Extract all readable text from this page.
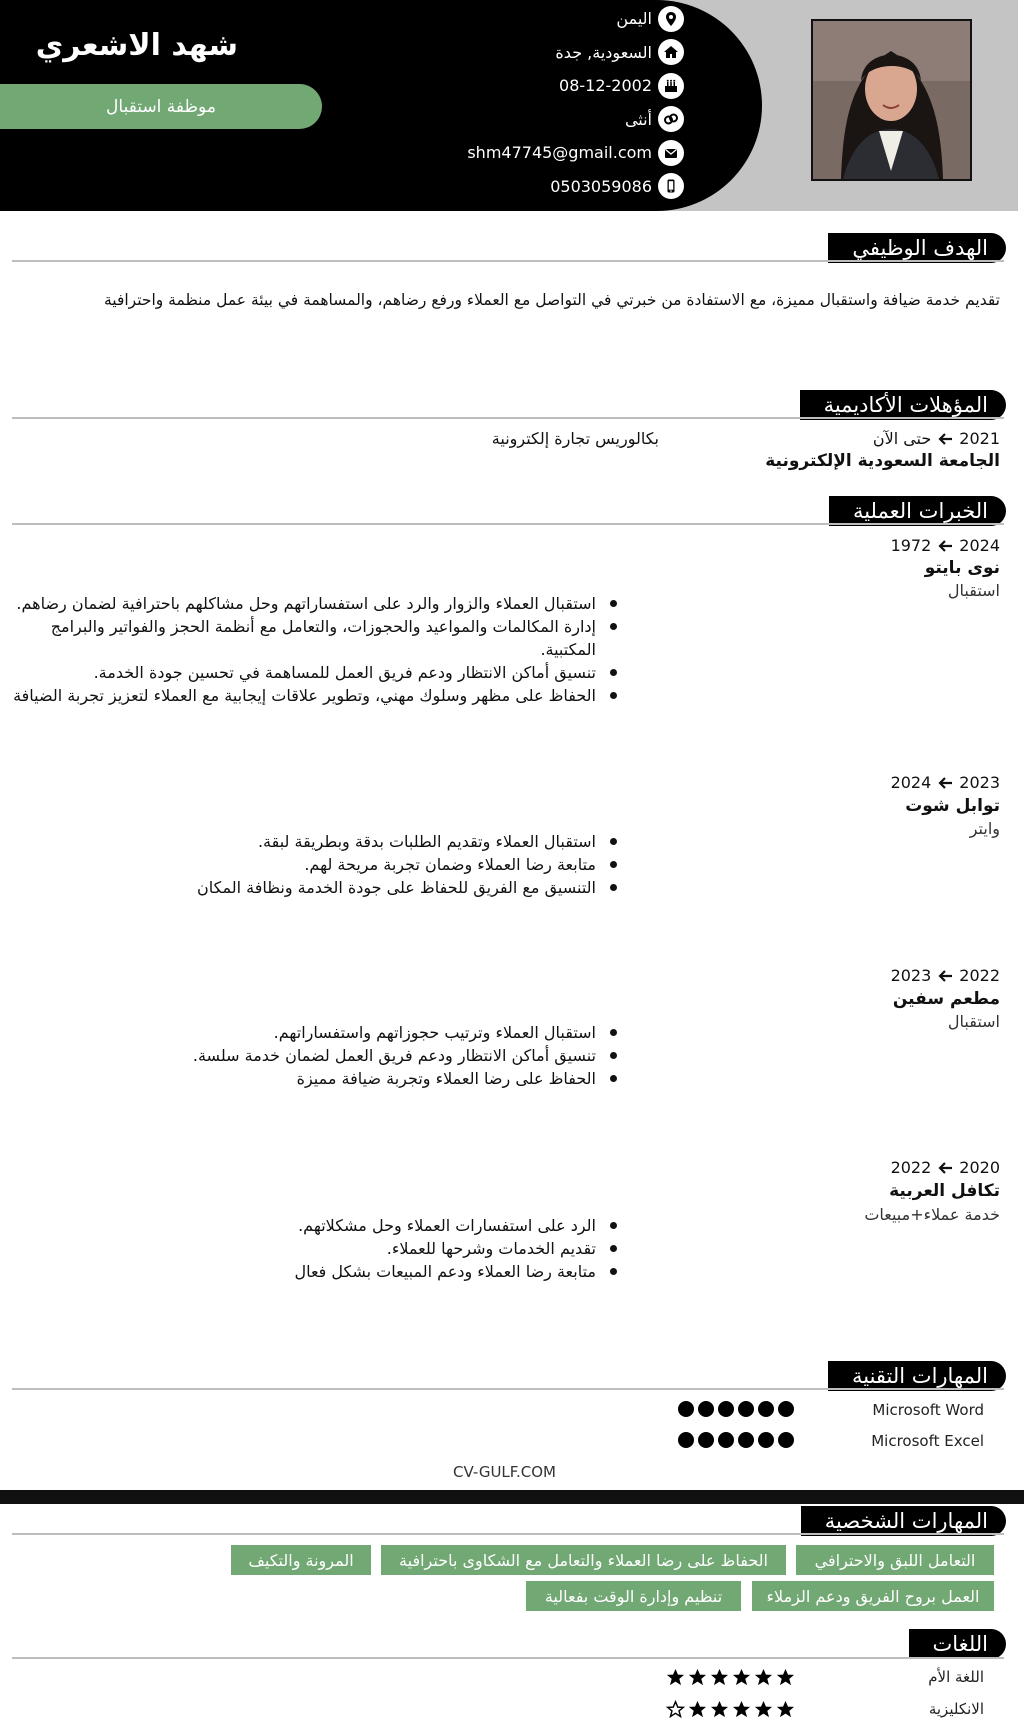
شهد الاشعري
موظفة استقبال
اليمن
السعودية, جدة
08-12-2002
أنثى
shm47745@gmail.com
0503059086
الهدف الوظيفي
تقديم خدمة ضيافة واستقبال مميزة، مع الاستفادة من خبرتي في التواصل مع العملاء ورفع رضاهم، والمساهمة في بيئة عمل منظمة واحترافية
المؤهلات الأكاديمية
2021
حتى الآن
الجامعة السعودية الإلكترونية
بكالوريس تجارة إلكترونية
الخبرات العملية
2024
1972
نوى بايتو
استقبال
استقبال العملاء والزوار والرد على استفساراتهم وحل مشاكلهم باحترافية لضمان رضاهم.
إدارة المكالمات والمواعيد والحجوزات، والتعامل مع أنظمة الحجز والفواتير والبرامج المكتبية.
تنسيق أماكن الانتظار ودعم فريق العمل للمساهمة في تحسين جودة الخدمة.
الحفاظ على مظهر وسلوك مهني، وتطوير علاقات إيجابية مع العملاء لتعزيز تجربة الضيافة
2023
2024
توابل شوت
وايتر
استقبال العملاء وتقديم الطلبات بدقة وبطريقة لبقة.
متابعة رضا العملاء وضمان تجربة مريحة لهم.
التنسيق مع الفريق للحفاظ على جودة الخدمة ونظافة المكان
2022
2023
مطعم سفين
استقبال
استقبال العملاء وترتيب حجوزاتهم واستفساراتهم.
تنسيق أماكن الانتظار ودعم فريق العمل لضمان خدمة سلسة.
الحفاظ على رضا العملاء وتجربة ضيافة مميزة
2020
2022
تكافل العربية
خدمة عملاء+مبيعات
الرد على استفسارات العملاء وحل مشكلاتهم.
تقديم الخدمات وشرحها للعملاء.
متابعة رضا العملاء ودعم المبيعات بشكل فعال
المهارات التقنية
Microsoft Word
Microsoft Excel
CV-GULF.COM
المهارات الشخصية
التعامل اللبق والاحترافي
الحفاظ على رضا العملاء والتعامل مع الشكاوى باحترافية
المرونة والتكيف
العمل بروح الفريق ودعم الزملاء
تنظيم وإدارة الوقت بفعالية
اللغات
اللغة الأم
الانكليزية
